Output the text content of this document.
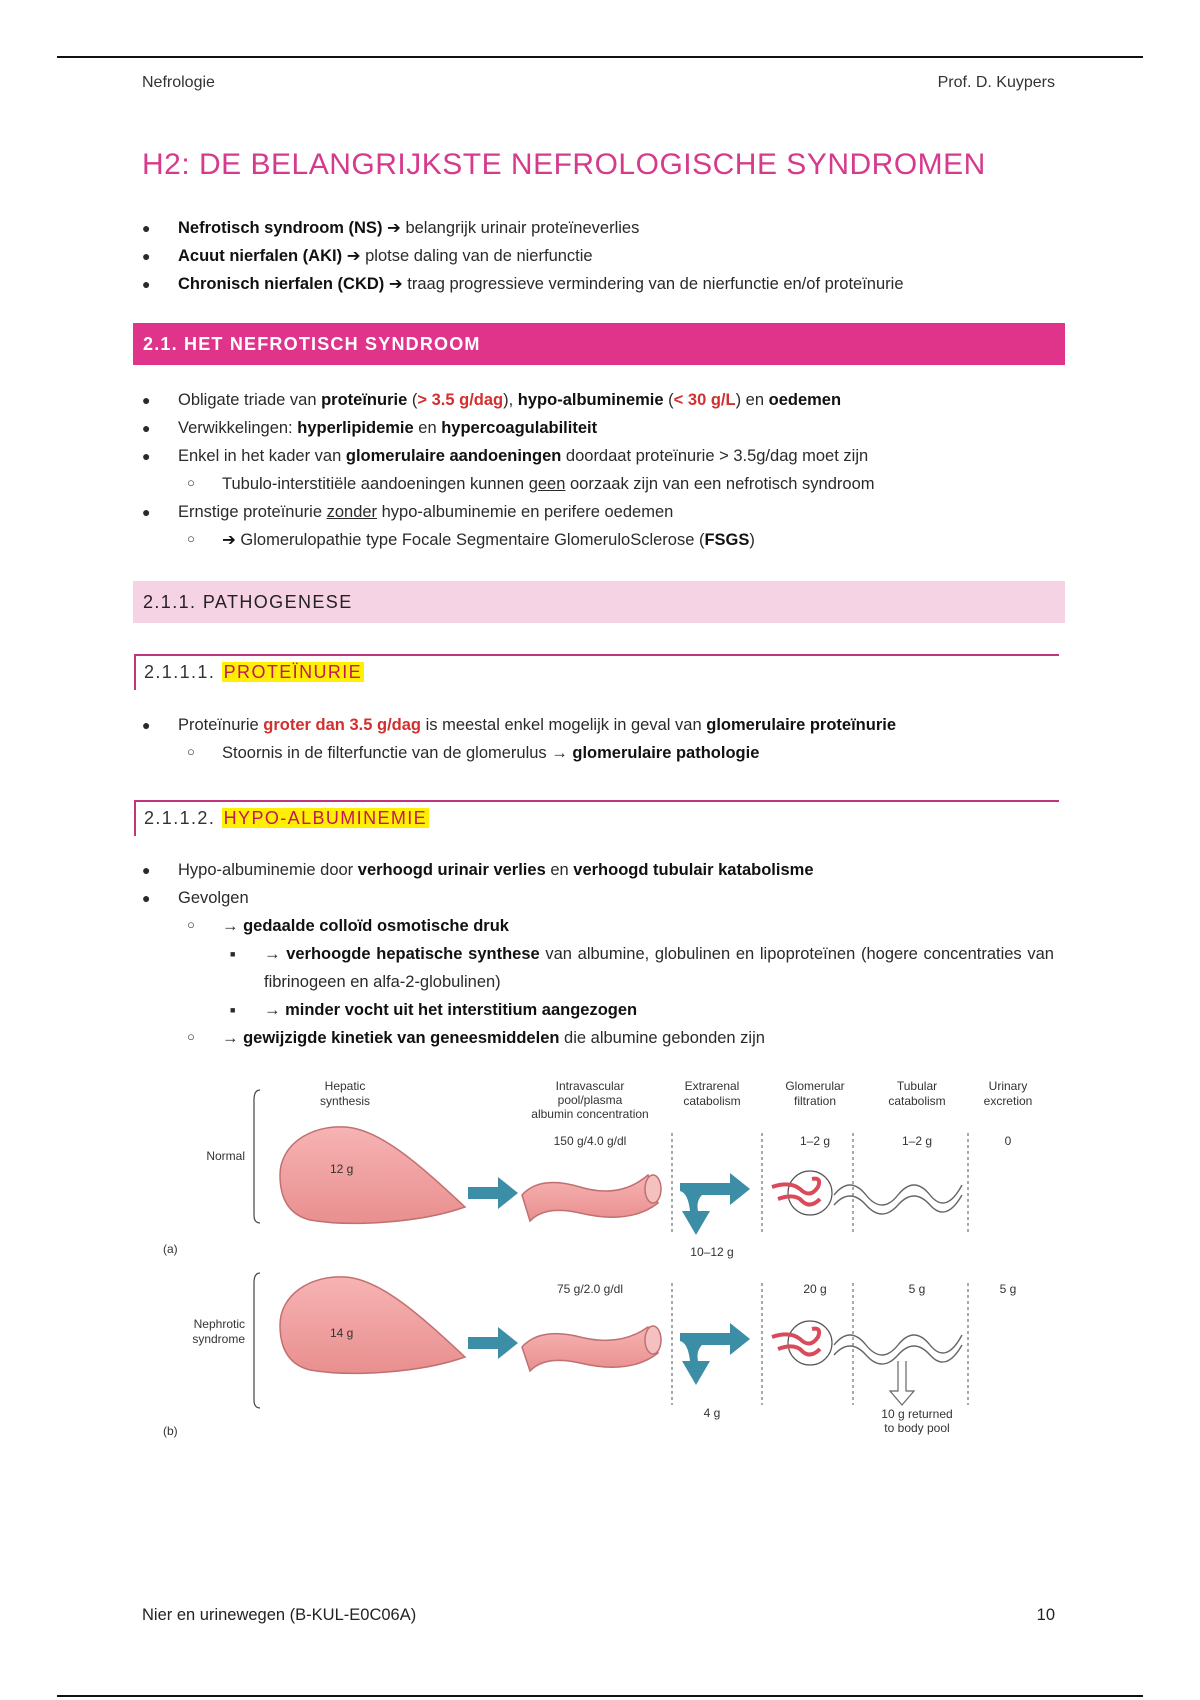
Nefrologie	Prof. D. Kuypers
H2: DE BELANGRIJKSTE NEFROLOGISCHE SYNDROMEN
● Nefrotisch syndroom (NS) ➔ belangrijk urinair proteïneverlies
● Acuut nierfalen (AKI) ➔ plotse daling van de nierfunctie
● Chronisch nierfalen (CKD) ➔ traag progressieve vermindering van de nierfunctie en/of proteïnurie
2.1. HET NEFROTISCH SYNDROOM
● Obligate triade van proteïnurie (> 3.5 g/dag), hypo-albuminemie (< 30 g/L) en oedemen
● Verwikkelingen: hyperlipidemie en hypercoagulabiliteit
● Enkel in het kader van glomerulaire aandoeningen doordaat proteïnurie > 3.5g/dag moet zijn
○ Tubulo-interstitiële aandoeningen kunnen geen oorzaak zijn van een nefrotisch syndroom
● Ernstige proteïnurie zonder hypo-albuminemie en perifere oedemen
○ ➔ Glomerulopathie type Focale Segmentaire GlomeruloSclerose (FSGS)
2.1.1. PATHOGENESE
2.1.1.1. PROTEÏNURIE
● Proteïnurie groter dan 3.5 g/dag is meestal enkel mogelijk in geval van glomerulaire proteïnurie
○ Stoornis in de filterfunctie van de glomerulus → glomerulaire pathologie
2.1.1.2. HYPO-ALBUMINEMIE
● Hypo-albuminemie door verhoogd urinair verlies en verhoogd tubulair katabolisme
● Gevolgen
○ → gedaalde colloïd osmotische druk
■ → verhoogde hepatische synthese van albumine, globulinen en lipoproteïnen (hogere concentraties van fibrinogeen en alfa-2-globulinen)
■ → minder vocht uit het interstitium aangezogen
○ → gewijzigde kinetiek van geneesmiddelen die albumine gebonden zijn
Hepatic
synthesis
Intravascular
pool/plasma
albumin concentration
Extrarenal
catabolism
Glomerular
filtration
Tubular
catabolism
Urinary
excretion
Normal
(a)
12 g
150 g/4.0 g/dl
10–12 g
1–2 g	1–2 g	0
Nephrotic
syndrome
(b)
14 g
75 g/2.0 g/dl
4 g
20 g	5 g
10 g returned
to body pool
5 g
Nier en urinewegen (B-KUL-E0C06A)	10
